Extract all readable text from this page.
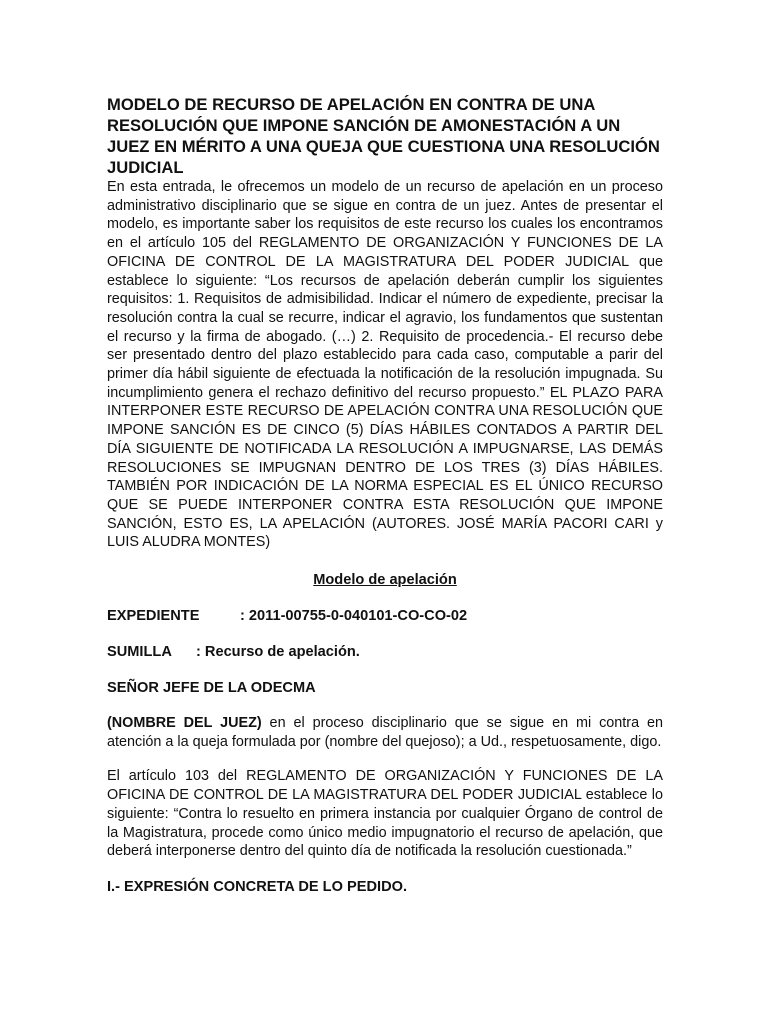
MODELO DE RECURSO DE APELACIÓN EN CONTRA DE UNA RESOLUCIÓN QUE IMPONE SANCIÓN DE AMONESTACIÓN A UN JUEZ EN MÉRITO A UNA QUEJA QUE CUESTIONA UNA RESOLUCIÓN JUDICIAL

En esta entrada, le ofrecemos un modelo de un recurso de apelación en un proceso administrativo disciplinario que se sigue en contra de un juez. Antes de presentar el modelo, es importante saber los requisitos de este recurso los cuales los encontramos en el artículo 105 del REGLAMENTO DE ORGANIZACIÓN Y FUNCIONES DE LA OFICINA DE CONTROL DE LA MAGISTRATURA DEL PODER JUDICIAL que establece lo siguiente: “Los recursos de apelación deberán cumplir los siguientes requisitos: 1. Requisitos de admisibilidad. Indicar el número de expediente, precisar la resolución contra la cual se recurre, indicar el agravio, los fundamentos que sustentan el recurso y la firma de abogado. (…) 2. Requisito de procedencia.- El recurso debe ser presentado dentro del plazo establecido para cada caso, computable a parir del primer día hábil siguiente de efectuada la notificación de la resolución impugnada. Su incumplimiento genera el rechazo definitivo del recurso propuesto.” EL PLAZO PARA INTERPONER ESTE RECURSO DE APELACIÓN CONTRA UNA RESOLUCIÓN QUE IMPONE SANCIÓN ES DE CINCO (5) DÍAS HÁBILES CONTADOS A PARTIR DEL DÍA SIGUIENTE DE NOTIFICADA LA RESOLUCIÓN A IMPUGNARSE, LAS DEMÁS RESOLUCIONES SE IMPUGNAN DENTRO DE LOS TRES (3) DÍAS HÁBILES. TAMBIÉN POR INDICACIÓN DE LA NORMA ESPECIAL ES EL ÚNICO RECURSO QUE SE PUEDE INTERPONER CONTRA ESTA RESOLUCIÓN QUE IMPONE SANCIÓN, ESTO ES, LA APELACIÓN (AUTORES. JOSÉ MARÍA PACORI CARI y LUIS ALUDRA MONTES)

Modelo de apelación

EXPEDIENTE	: 2011-00755-0-040101-CO-CO-02

SUMILLA : Recurso de apelación.

SEÑOR JEFE DE LA ODECMA

(NOMBRE DEL JUEZ) en el proceso disciplinario que se sigue en mi contra en atención a la queja formulada por (nombre del quejoso); a Ud., respetuosamente, digo.

El artículo 103 del REGLAMENTO DE ORGANIZACIÓN Y FUNCIONES DE LA OFICINA DE CONTROL DE LA MAGISTRATURA DEL PODER JUDICIAL establece lo siguiente: “Contra lo resuelto en primera instancia por cualquier Órgano de control de la Magistratura, procede como único medio impugnatorio el recurso de apelación, que deberá interponerse dentro del quinto día de notificada la resolución cuestionada.”

I.- EXPRESIÓN CONCRETA DE LO PEDIDO.
